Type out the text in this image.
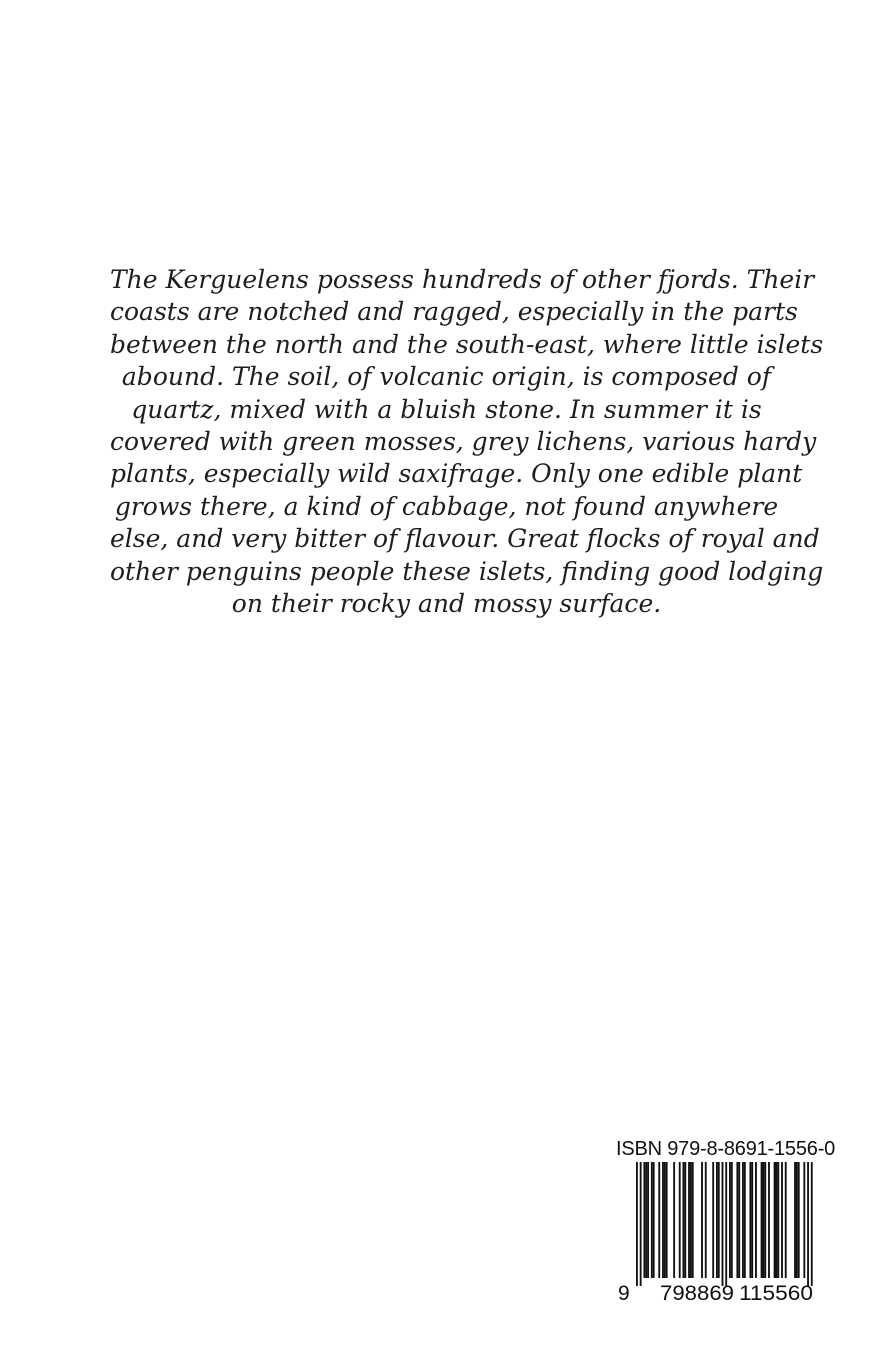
The Kerguelens possess hundreds of other fjords. Their
coasts are notched and ragged, especially in the parts
between the north and the south-east, where little islets
abound. The soil, of volcanic origin, is composed of
quartz, mixed with a bluish stone. In summer it is
covered with green mosses, grey lichens, various hardy
plants, especially wild saxifrage. Only one edible plant
grows there, a kind of cabbage, not found anywhere
else, and very bitter of flavour. Great flocks of royal and
other penguins people these islets, finding good lodging
on their rocky and mossy surface.
ISBN 979-8-8691-1556-0
9 798869 115560
